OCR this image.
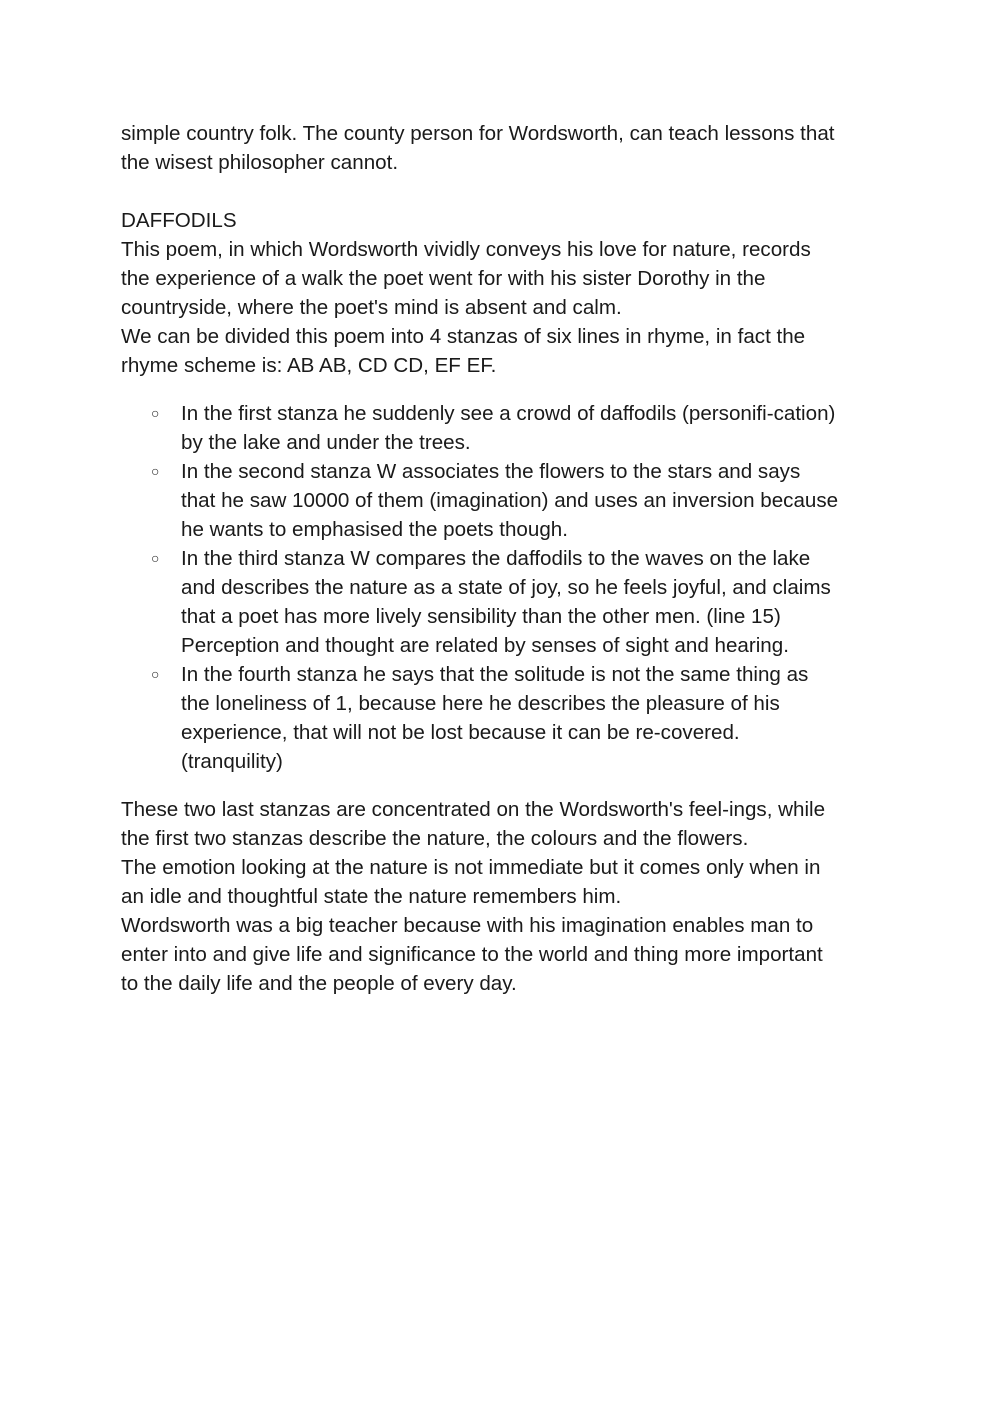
simple country folk. The county person for Wordsworth, can teach lessons that
the wisest philosopher cannot.

DAFFODILS

This poem, in which Wordsworth vividly conveys his love for nature, records
the experience of a walk the poet went for with his sister Dorothy in the
countryside, where the poet's mind is absent and calm.
We can be divided this poem into 4 stanzas of six lines in rhyme, in fact the
rhyme scheme is: AB AB, CD CD, EF EF.

○ In the first stanza he suddenly see a crowd of daffodils (personifi-cation)
by the lake and under the trees.
○ In the second stanza W associates the flowers to the stars and says
that he saw 10000 of them (imagination) and uses an inversion because
he wants to emphasised the poets though.
○ In the third stanza W compares the daffodils to the waves on the lake
and describes the nature as a state of joy, so he feels joyful, and claims
that a poet has more lively sensibility than the other men. (line 15)
Perception and thought are related by senses of sight and hearing.
○ In the fourth stanza he says that the solitude is not the same thing as
the loneliness of 1, because here he describes the pleasure of his
experience, that will not be lost because it can be re-covered.
(tranquility)

These two last stanzas are concentrated on the Wordsworth's feel-ings, while
the first two stanzas describe the nature, the colours and the flowers.
The emotion looking at the nature is not immediate but it comes only when in
an idle and thoughtful state the nature remembers him.
Wordsworth was a big teacher because with his imagination enables man to
enter into and give life and significance to the world and thing more important
to the daily life and the people of every day.
